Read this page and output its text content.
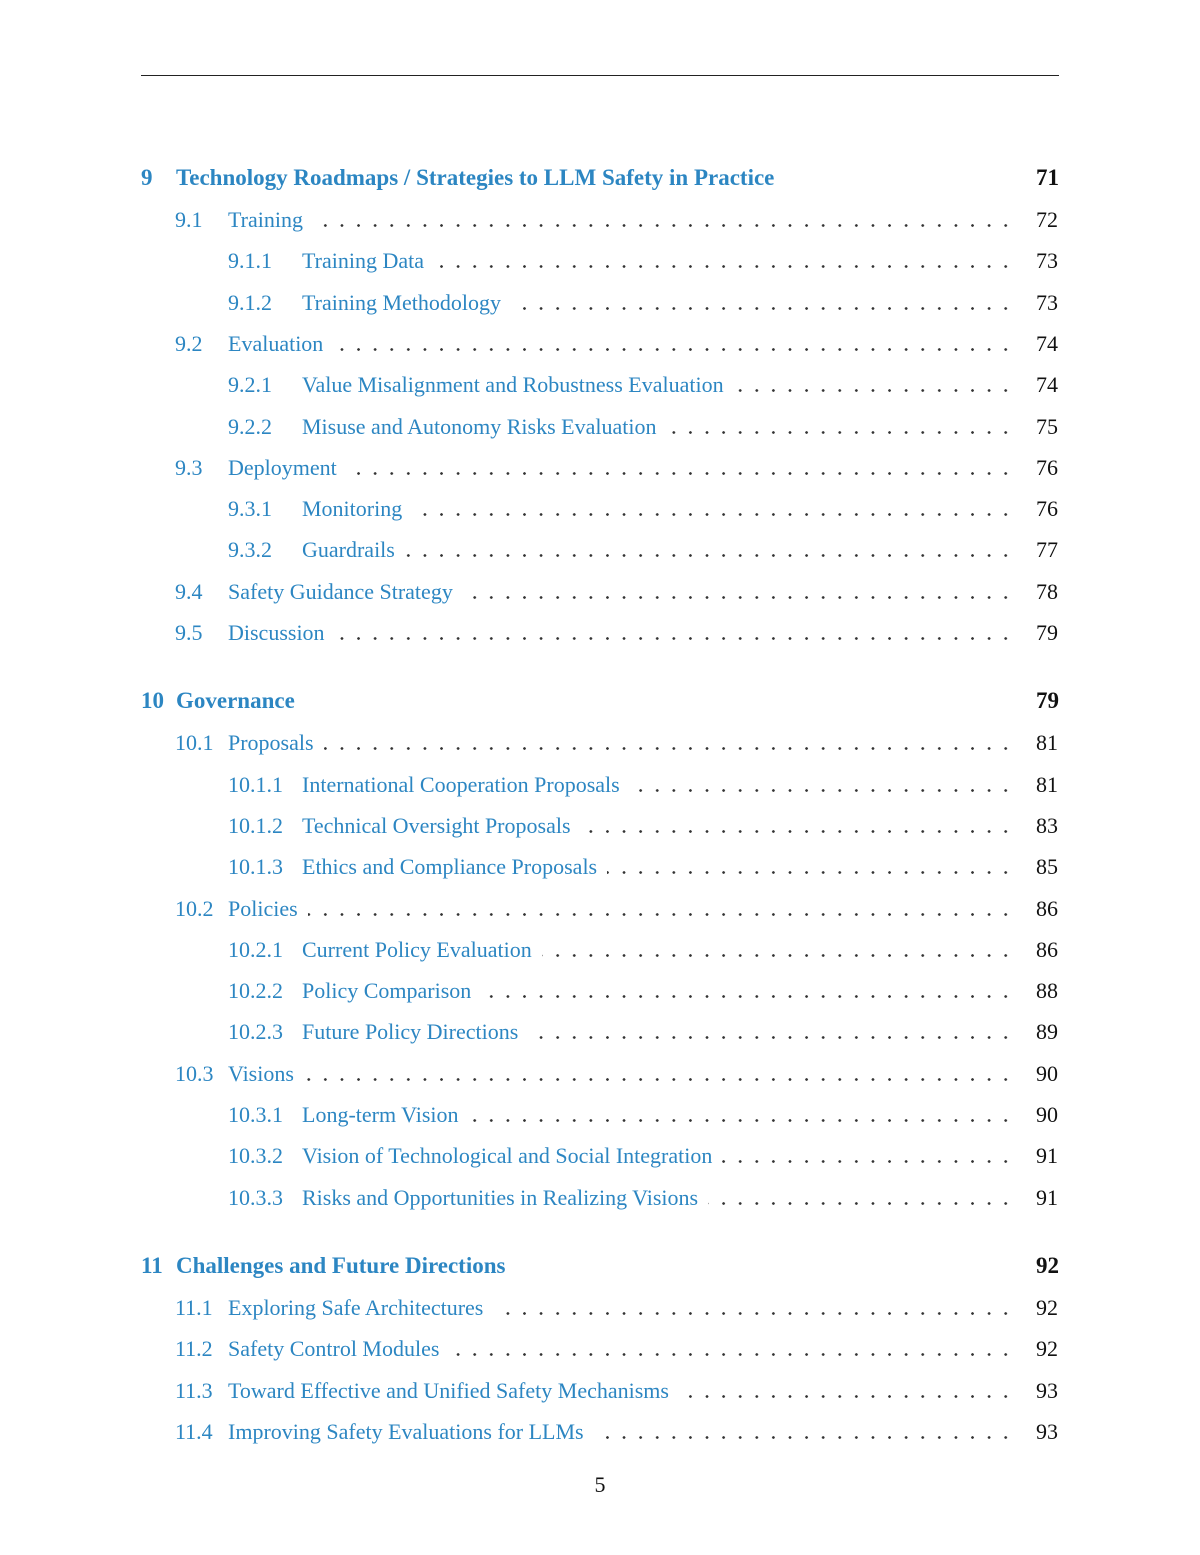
9 Technology Roadmaps / Strategies to LLM Safety in Practice	71
9.1 Training	72
9.1.1 Training Data	73
9.1.2 Training Methodology	73
9.2 Evaluation	74
9.2.1 Value Misalignment and Robustness Evaluation	74
9.2.2 Misuse and Autonomy Risks Evaluation	75
9.3 Deployment	76
9.3.1 Monitoring	76
9.3.2 Guardrails	77
9.4 Safety Guidance Strategy	78
9.5 Discussion	79
10 Governance	79
10.1 Proposals	81
10.1.1 International Cooperation Proposals	81
10.1.2 Technical Oversight Proposals	83
10.1.3 Ethics and Compliance Proposals	85
10.2 Policies	86
10.2.1 Current Policy Evaluation	86
10.2.2 Policy Comparison	88
10.2.3 Future Policy Directions	89
10.3 Visions	90
10.3.1 Long-term Vision	90
10.3.2 Vision of Technological and Social Integration	91
10.3.3 Risks and Opportunities in Realizing Visions	91
11 Challenges and Future Directions	92
11.1 Exploring Safe Architectures	92
11.2 Safety Control Modules	92
11.3 Toward Effective and Unified Safety Mechanisms	93
11.4 Improving Safety Evaluations for LLMs	93
5
